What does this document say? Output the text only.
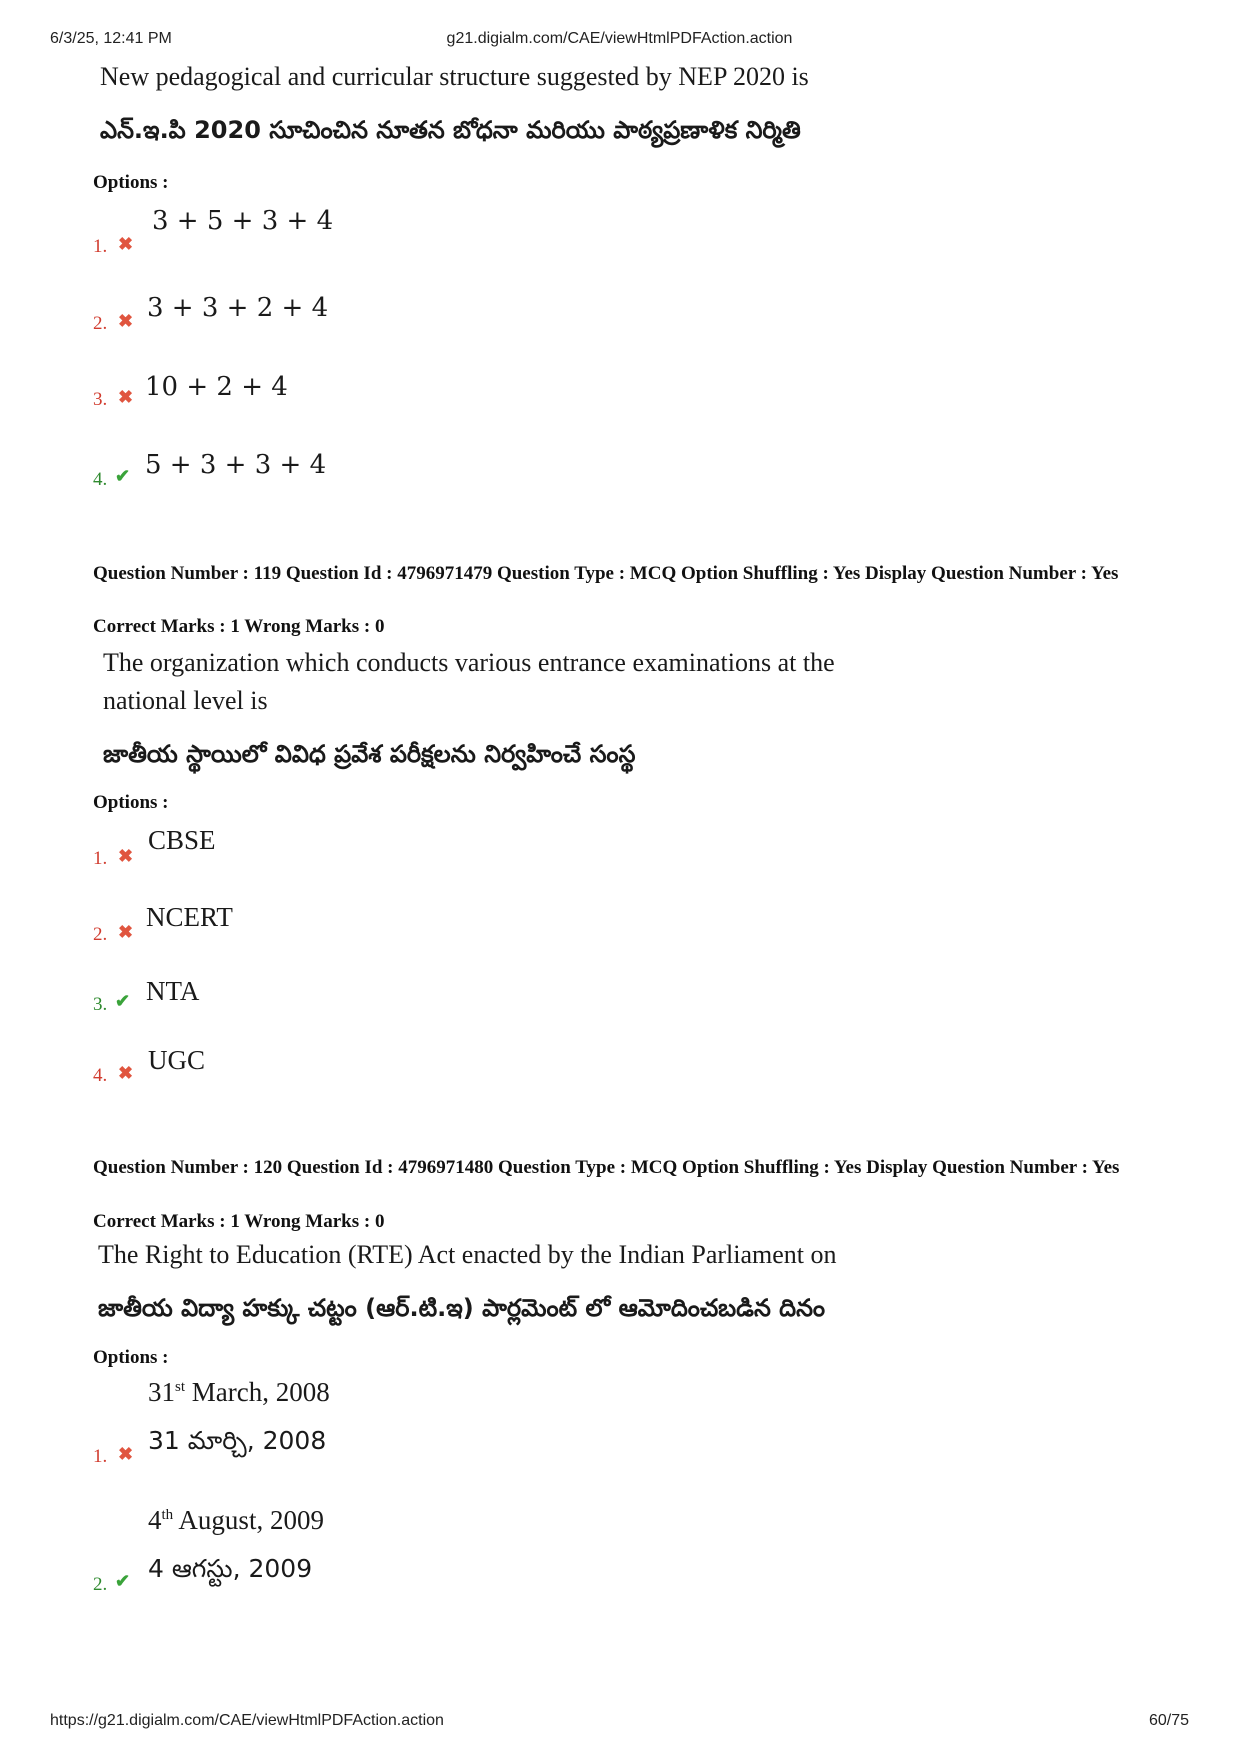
6/3/25, 12:41 PM	g21.digialm.com/CAE/viewHtmlPDFAction.action
New pedagogical and curricular structure suggested by NEP 2020 is
ఎన్.ఇ.పి 2020 సూచించిన నూతన బోధనా మరియు పాఠ్యప్రణాళిక నిర్మితి
Options :
1. ✖
3 + 5 + 3 + 4
2. ✖ 3 + 3 + 2 + 4
3. ✖ 10 + 2 + 4
4. ✔ 5 + 3 + 3 + 4
Question Number : 119 Question Id : 4796971479 Question Type : MCQ Option Shuffling : Yes Display Question Number : Yes
Correct Marks : 1 Wrong Marks : 0
The organization which conducts various entrance examinations at the
national level is
జాతీయ స్థాయిలో వివిధ ప్రవేశ పరీక్షలను నిర్వహించే సంస్థ
Options :
1. ✖
CBSE
2. ✖ NCERT
3. ✔ NTA
4. ✖ UGC
Question Number : 120 Question Id : 4796971480 Question Type : MCQ Option Shuffling : Yes Display Question Number : Yes
Correct Marks : 1 Wrong Marks : 0
The Right to Education (RTE) Act enacted by the Indian Parliament on
జాతీయ విద్యా హక్కు చట్టం (ఆర్.టి.ఇ) పార్లమెంట్ లో ఆమోదించబడిన దినం
Options :
31st March, 2008
1. ✖ 31 మార్చి, 2008
4th August, 2009
2. ✔ 4 ఆగస్టు, 2009
https://g21.digialm.com/CAE/viewHtmlPDFAction.action	60/75
